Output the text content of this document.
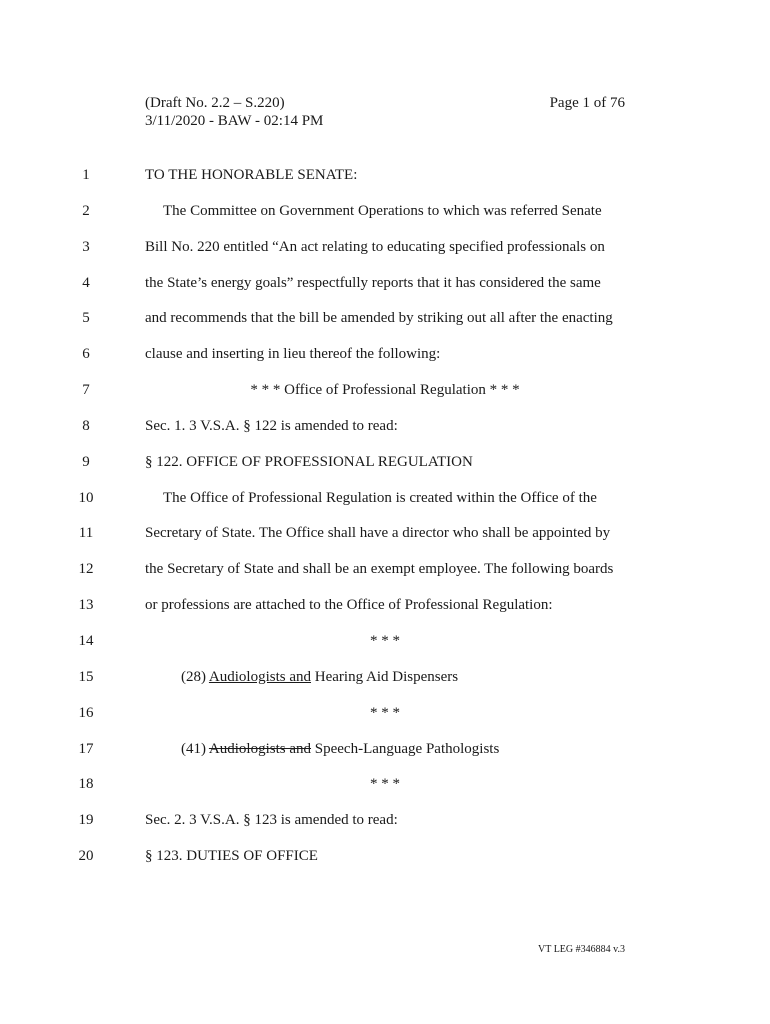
(Draft No. 2.2 – S.220)
3/11/2020 - BAW - 02:14 PM
Page 1 of 76
1	TO THE HONORABLE SENATE:
2	The Committee on Government Operations to which was referred Senate
3	Bill No. 220 entitled “An act relating to educating specified professionals on
4	the State’s energy goals” respectfully reports that it has considered the same
5	and recommends that the bill be amended by striking out all after the enacting
6	clause and inserting in lieu thereof the following:
7	* * * Office of Professional Regulation * * *
8	Sec. 1. 3 V.S.A. § 122 is amended to read:
9	§ 122. OFFICE OF PROFESSIONAL REGULATION
10	The Office of Professional Regulation is created within the Office of the
11	Secretary of State. The Office shall have a director who shall be appointed by
12	the Secretary of State and shall be an exempt employee. The following boards
13	or professions are attached to the Office of Professional Regulation:
14	* * *
15	(28) Audiologists and Hearing Aid Dispensers
16	* * *
17	(41) Audiologists and Speech-Language Pathologists
18	* * *
19	Sec. 2. 3 V.S.A. § 123 is amended to read:
20	§ 123. DUTIES OF OFFICE
VT LEG #346884 v.3
